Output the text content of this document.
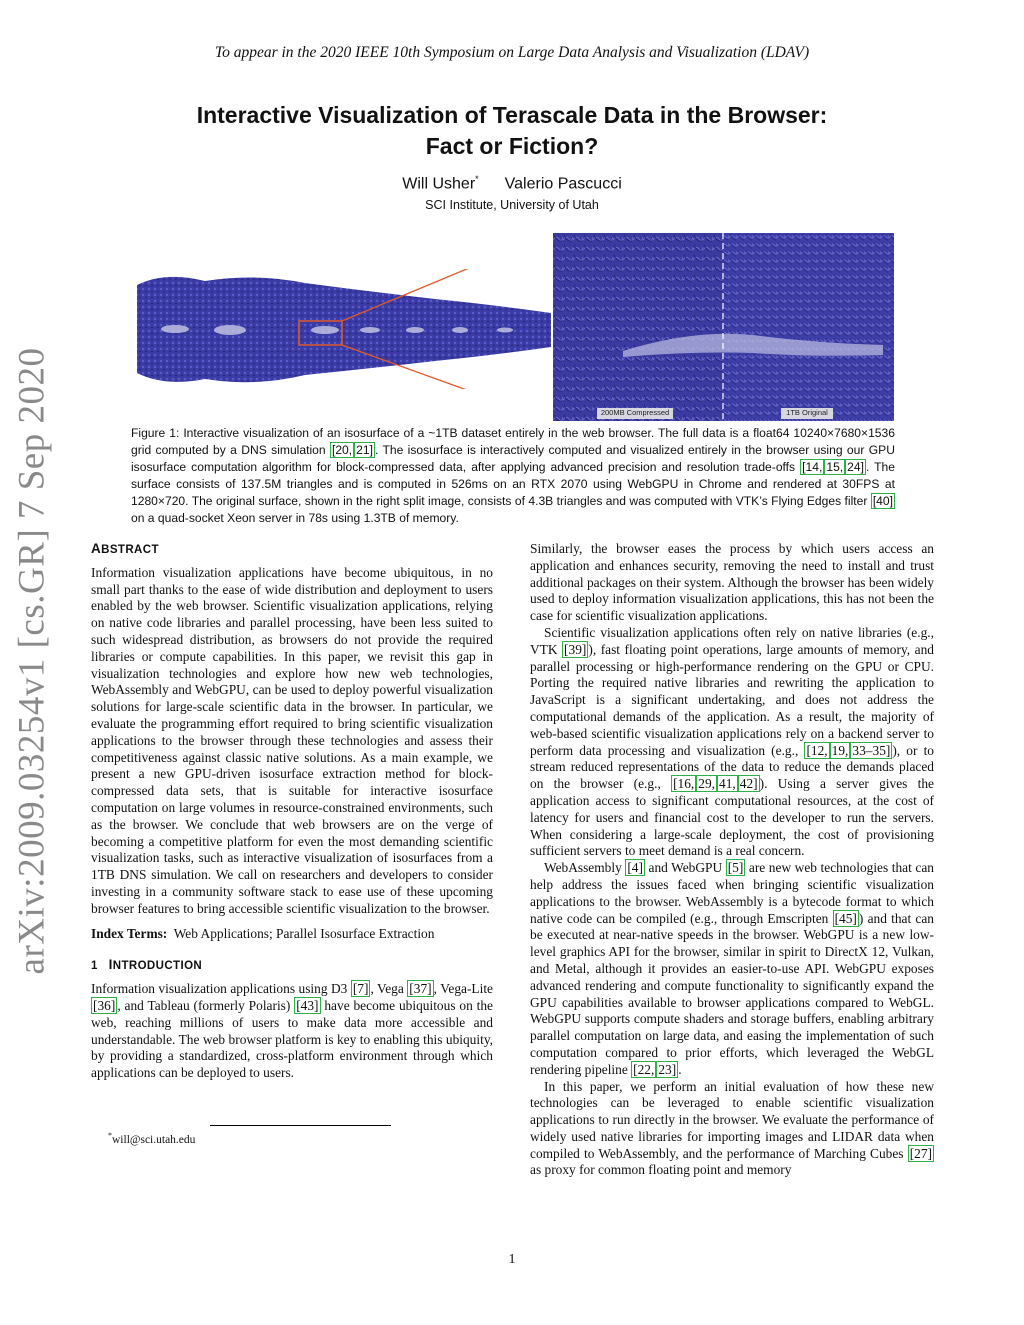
To appear in the 2020 IEEE 10th Symposium on Large Data Analysis and Visualization (LDAV)
Interactive Visualization of Terascale Data in the Browser:
Fact or Fiction?
Will Usher* Valerio Pascucci
SCI Institute, University of Utah
arXiv:2009.03254v1 [cs.GR] 7 Sep 2020	200MB Compressed	1TB Original
Figure 1: Interactive visualization of an isosurface of a ~1TB dataset entirely in the web browser. The full data is a float64 10240×7680×1536 grid computed by a DNS simulation [20, 21] . The isosurface is interactively computed and visualized entirely in the browser using our GPU isosurface computation algorithm for block-compressed data, after applying advanced precision and resolution trade-offs [14, 15, 24] . The surface consists of 137.5M triangles and is computed in 526ms on an RTX 2070 using WebGPU in Chrome and rendered at 30FPS at 1280×720. The original surface, shown in the right split image, consists of 4.3B triangles and was computed with VTK’s Flying Edges filter [40] on a quad-socket Xeon server in 78s using 1.3TB of memory.
ABSTRACT

Information visualization applications have become ubiquitous, in no small part thanks to the ease of wide distribution and deployment to users enabled by the web browser. Scientific visualization applications, relying on native code libraries and parallel processing, have been less suited to such widespread distribution, as browsers do not provide the required libraries or compute capabilities. In this paper, we revisit this gap in visualization technologies and explore how new web technologies, WebAssembly and WebGPU, can be used to deploy powerful visualization solutions for large-scale scientific data in the browser. In particular, we evaluate the programming effort required to bring scientific visualization applications to the browser through these technologies and assess their competitiveness against classic native solutions. As a main example, we present a new GPU-driven isosurface extraction method for block-compressed data sets, that is suitable for interactive isosurface computation on large volumes in resource-constrained environments, such as the browser. We conclude that web browsers are on the verge of becoming a competitive platform for even the most demanding scientific visualization tasks, such as interactive visualization of isosurfaces from a 1TB DNS simulation. We call on researchers and developers to consider investing in a community software stack to ease use of these upcoming browser features to bring accessible scientific visualization to the browser.

Index Terms: Web Applications; Parallel Isosurface Extraction

1 INTRODUCTION

Information visualization applications using D3 [7] , Vega [37] , Vega-Lite [36] , and Tableau (formerly Polaris) [43] have become ubiquitous on the web, reaching millions of users to make data more accessible and understandable. The web browser platform is key to enabling this ubiquity, by providing a standardized, cross-platform environment through which applications can be deployed to users.

*will@sci.utah.edu

Similarly, the browser eases the process by which users access an application and enhances security, removing the need to install and trust additional packages on their system. Although the browser has been widely used to deploy information visualization applications, this has not been the case for scientific visualization applications.

Scientific visualization applications often rely on native libraries (e.g., VTK [39] ), fast floating point operations, large amounts of memory, and parallel processing or high-performance rendering on the GPU or CPU. Porting the required native libraries and rewriting the application to JavaScript is a significant undertaking, and does not address the computational demands of the application. As a result, the majority of web-based scientific visualization applications rely on a backend server to perform data processing and visualization (e.g., [12, 19, 33–35] ), or to stream reduced representations of the data to reduce the demands placed on the browser (e.g., [16, 29, 41, 42] ). Using a server gives the application access to significant computational resources, at the cost of latency for users and financial cost to the developer to run the servers. When considering a large-scale deployment, the cost of provisioning sufficient servers to meet demand is a real concern.

WebAssembly [4] and WebGPU [5] are new web technologies that can help address the issues faced when bringing scientific visualization applications to the browser. WebAssembly is a bytecode format to which native code can be compiled (e.g., through Emscripten [45] ) and that can be executed at near-native speeds in the browser. WebGPU is a new low-level graphics API for the browser, similar in spirit to DirectX 12, Vulkan, and Metal, although it provides an easier-to-use API. WebGPU exposes advanced rendering and compute functionality to significantly expand the GPU capabilities available to browser applications compared to WebGL. WebGPU supports compute shaders and storage buffers, enabling arbitrary parallel computation on large data, and easing the implementation of such computation compared to prior efforts, which leveraged the WebGL rendering pipeline [22, 23] .

In this paper, we perform an initial evaluation of how these new technologies can be leveraged to enable scientific visualization applications to run directly in the browser. We evaluate the performance of widely used native libraries for importing images and LIDAR data when compiled to WebAssembly, and the performance of Marching Cubes [27] as proxy for common floating point and memory

1
